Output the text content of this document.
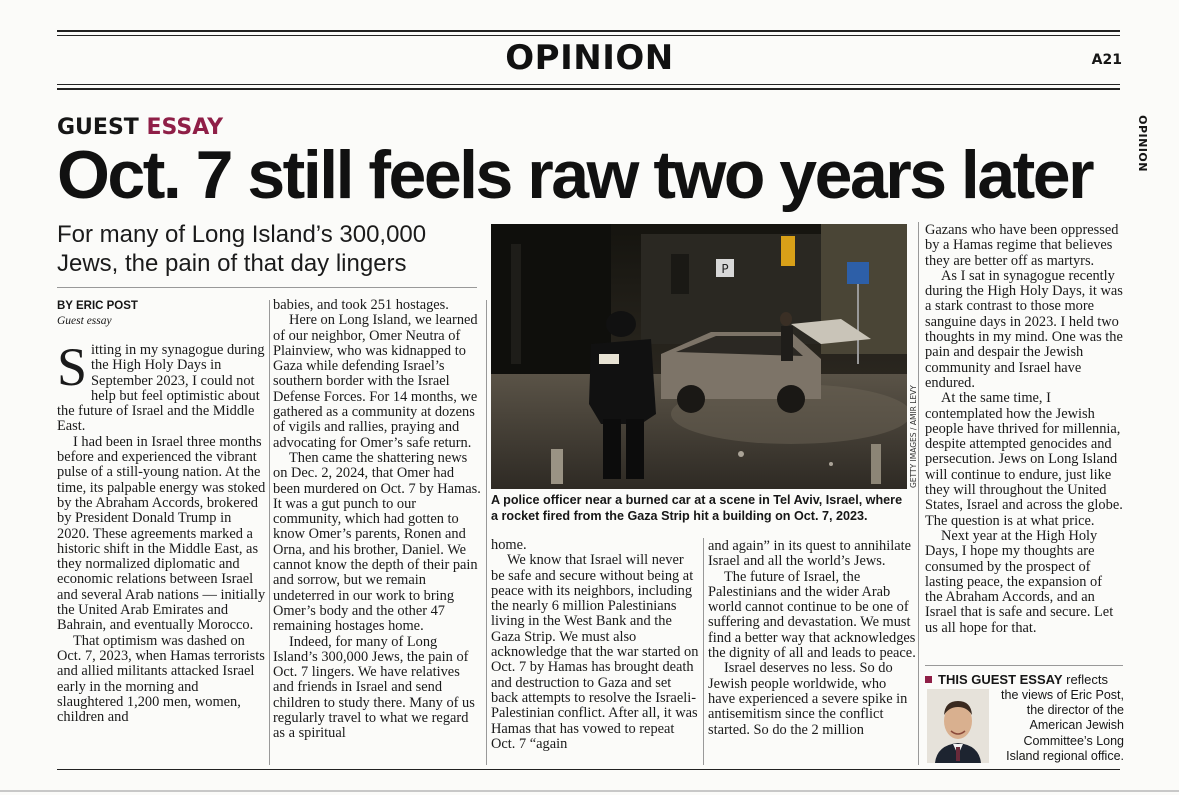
OPINION	A21
OPINION
GUEST ESSAY
Oct. 7 still feels raw two years later
For many of Long Island’s 300,000 Jews, the pain of that day lingers
BY ERIC POST
Guest essay

Sitting in my synagogue during the High Holy Days in September 2023, I could not help but feel optimistic about the future of Israel and the Middle East.

I had been in Israel three months before and experienced the vibrant pulse of a still-young nation. At the time, its palpable energy was stoked by the Abraham Accords, brokered by President Donald Trump in 2020. These agreements marked a historic shift in the Middle East, as they normalized diplomatic and economic relations between Israel and several Arab nations — initially the United Arab Emirates and Bahrain, and eventually Morocco.

That optimism was dashed on Oct. 7, 2023, when Hamas terrorists and allied militants attacked Israel early in the morning and slaughtered 1,200 men, women, children and

babies, and took 251 hostages.

Here on Long Island, we learned of our neighbor, Omer Neutra of Plainview, who was kidnapped to Gaza while defending Israel’s southern border with the Israel Defense Forces. For 14 months, we gathered as a community at dozens of vigils and rallies, praying and advocating for Omer’s safe return.

Then came the shattering news on Dec. 2, 2024, that Omer had been murdered on Oct. 7 by Hamas. It was a gut punch to our community, which had gotten to know Omer’s parents, Ronen and Orna, and his brother, Daniel. We cannot know the depth of their pain and sorrow, but we remain undeterred in our work to bring Omer’s body and the other 47 remaining hostages home.

Indeed, for many of Long Island’s 300,000 Jews, the pain of Oct. 7 lingers. We have relatives and friends in Israel and send children to study there. Many of us regularly travel to what we regard as a spiritual

P
GETTY IMAGES / AMIR LEVY
A police officer near a burned car at a scene in Tel Aviv, Israel, where a rocket fired from the Gaza Strip hit a building on Oct. 7, 2023.

home.

We know that Israel will never be safe and secure without being at peace with its neighbors, including the nearly 6 million Palestinians living in the West Bank and the Gaza Strip. We must also acknowledge that the war started on Oct. 7 by Hamas has brought death and destruction to Gaza and set back attempts to resolve the Israeli-Palestinian conflict. After all, it was Hamas that has vowed to repeat Oct. 7 “again

and again” in its quest to annihilate Israel and all the world’s Jews.

The future of Israel, the Palestinians and the wider Arab world cannot continue to be one of suffering and devastation. We must find a better way that acknowledges the dignity of all and leads to peace.

Israel deserves no less. So do Jewish people worldwide, who have experienced a severe spike in antisemitism since the conflict started. So do the 2 million

Gazans who have been oppressed by a Hamas regime that believes they are better off as martyrs.

As I sat in synagogue recently during the High Holy Days, it was a stark contrast to those more sanguine days in 2023. I held two thoughts in my mind. One was the pain and despair the Jewish community and Israel have endured.

At the same time, I contemplated how the Jewish people have thrived for millennia, despite attempted genocides and persecution. Jews on Long Island will continue to endure, just like they will throughout the United States, Israel and across the globe. The question is at what price.

Next year at the High Holy Days, I hope my thoughts are consumed by the prospect of lasting peace, the expansion of the Abraham Accords, and an Israel that is safe and secure. Let us all hope for that.

THIS GUEST ESSAY reflects
the views of Eric Post, the director of the American Jewish Committee’s Long Island regional office.
